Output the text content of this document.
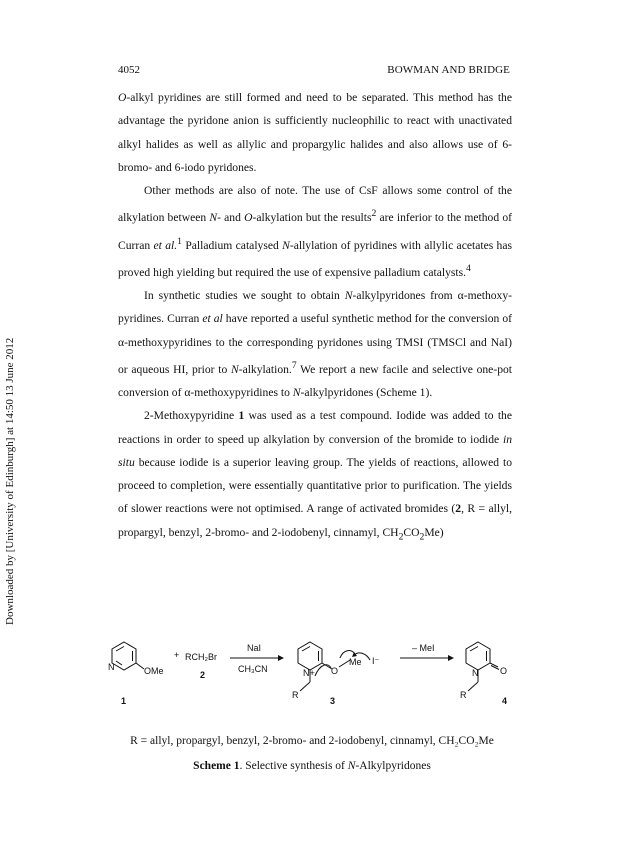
4052	BOWMAN AND BRIDGE
Downloaded by [University of Edinburgh] at 14:50 13 June 2012

O-alkyl pyridines are still formed and need to be separated. This method has the advantage the pyridone anion is sufficiently nucleophilic to react with unactivated alkyl halides as well as allylic and propargylic halides and also allows use of 6-bromo- and 6-iodo pyridones.

Other methods are also of note. The use of CsF allows some control of the alkylation between N- and O-alkylation but the results$^2$ are inferior to the method of Curran et al.$^1$ Palladium catalysed N-allylation of pyridines with allylic acetates has proved high yielding but required the use of expensive palladium catalysts.$^4$

In synthetic studies we sought to obtain N-alkylpyridones from α-methoxy-pyridines. Curran et al have reported a useful synthetic method for the conversion of α-methoxypyridines to the corresponding pyridones using TMSI (TMSCl and NaI) or aqueous HI, prior to N-alkylation.$^7$ We report a new facile and selective one-pot conversion of α-methoxypyridines to N-alkylpyridones (Scheme 1).

2-Methoxypyridine 1 was used as a test compound. Iodide was added to the reactions in order to speed up alkylation by conversion of the bromide to iodide in situ because iodide is a superior leaving group. The yields of reactions, allowed to proceed to completion, were essentially quantitative prior to purification. The yields of slower reactions were not optimised. A range of activated bromides (2, R = allyl, propargyl, benzyl, 2-bromo- and 2-iodobenyl, cinnamyl, $CH_2CO_2Me$)

N	OMe
+ RCH₂Br
2
NaI
CH₃CN	N+ O
Me I⁻
– MeI
N O
R	R
1	3	4
R = allyl, propargyl, benzyl, 2-bromo- and 2-iodobenyl, cinnamyl, CH₂CO₂Me
Scheme 1. Selective synthesis of N-Alkylpyridones
